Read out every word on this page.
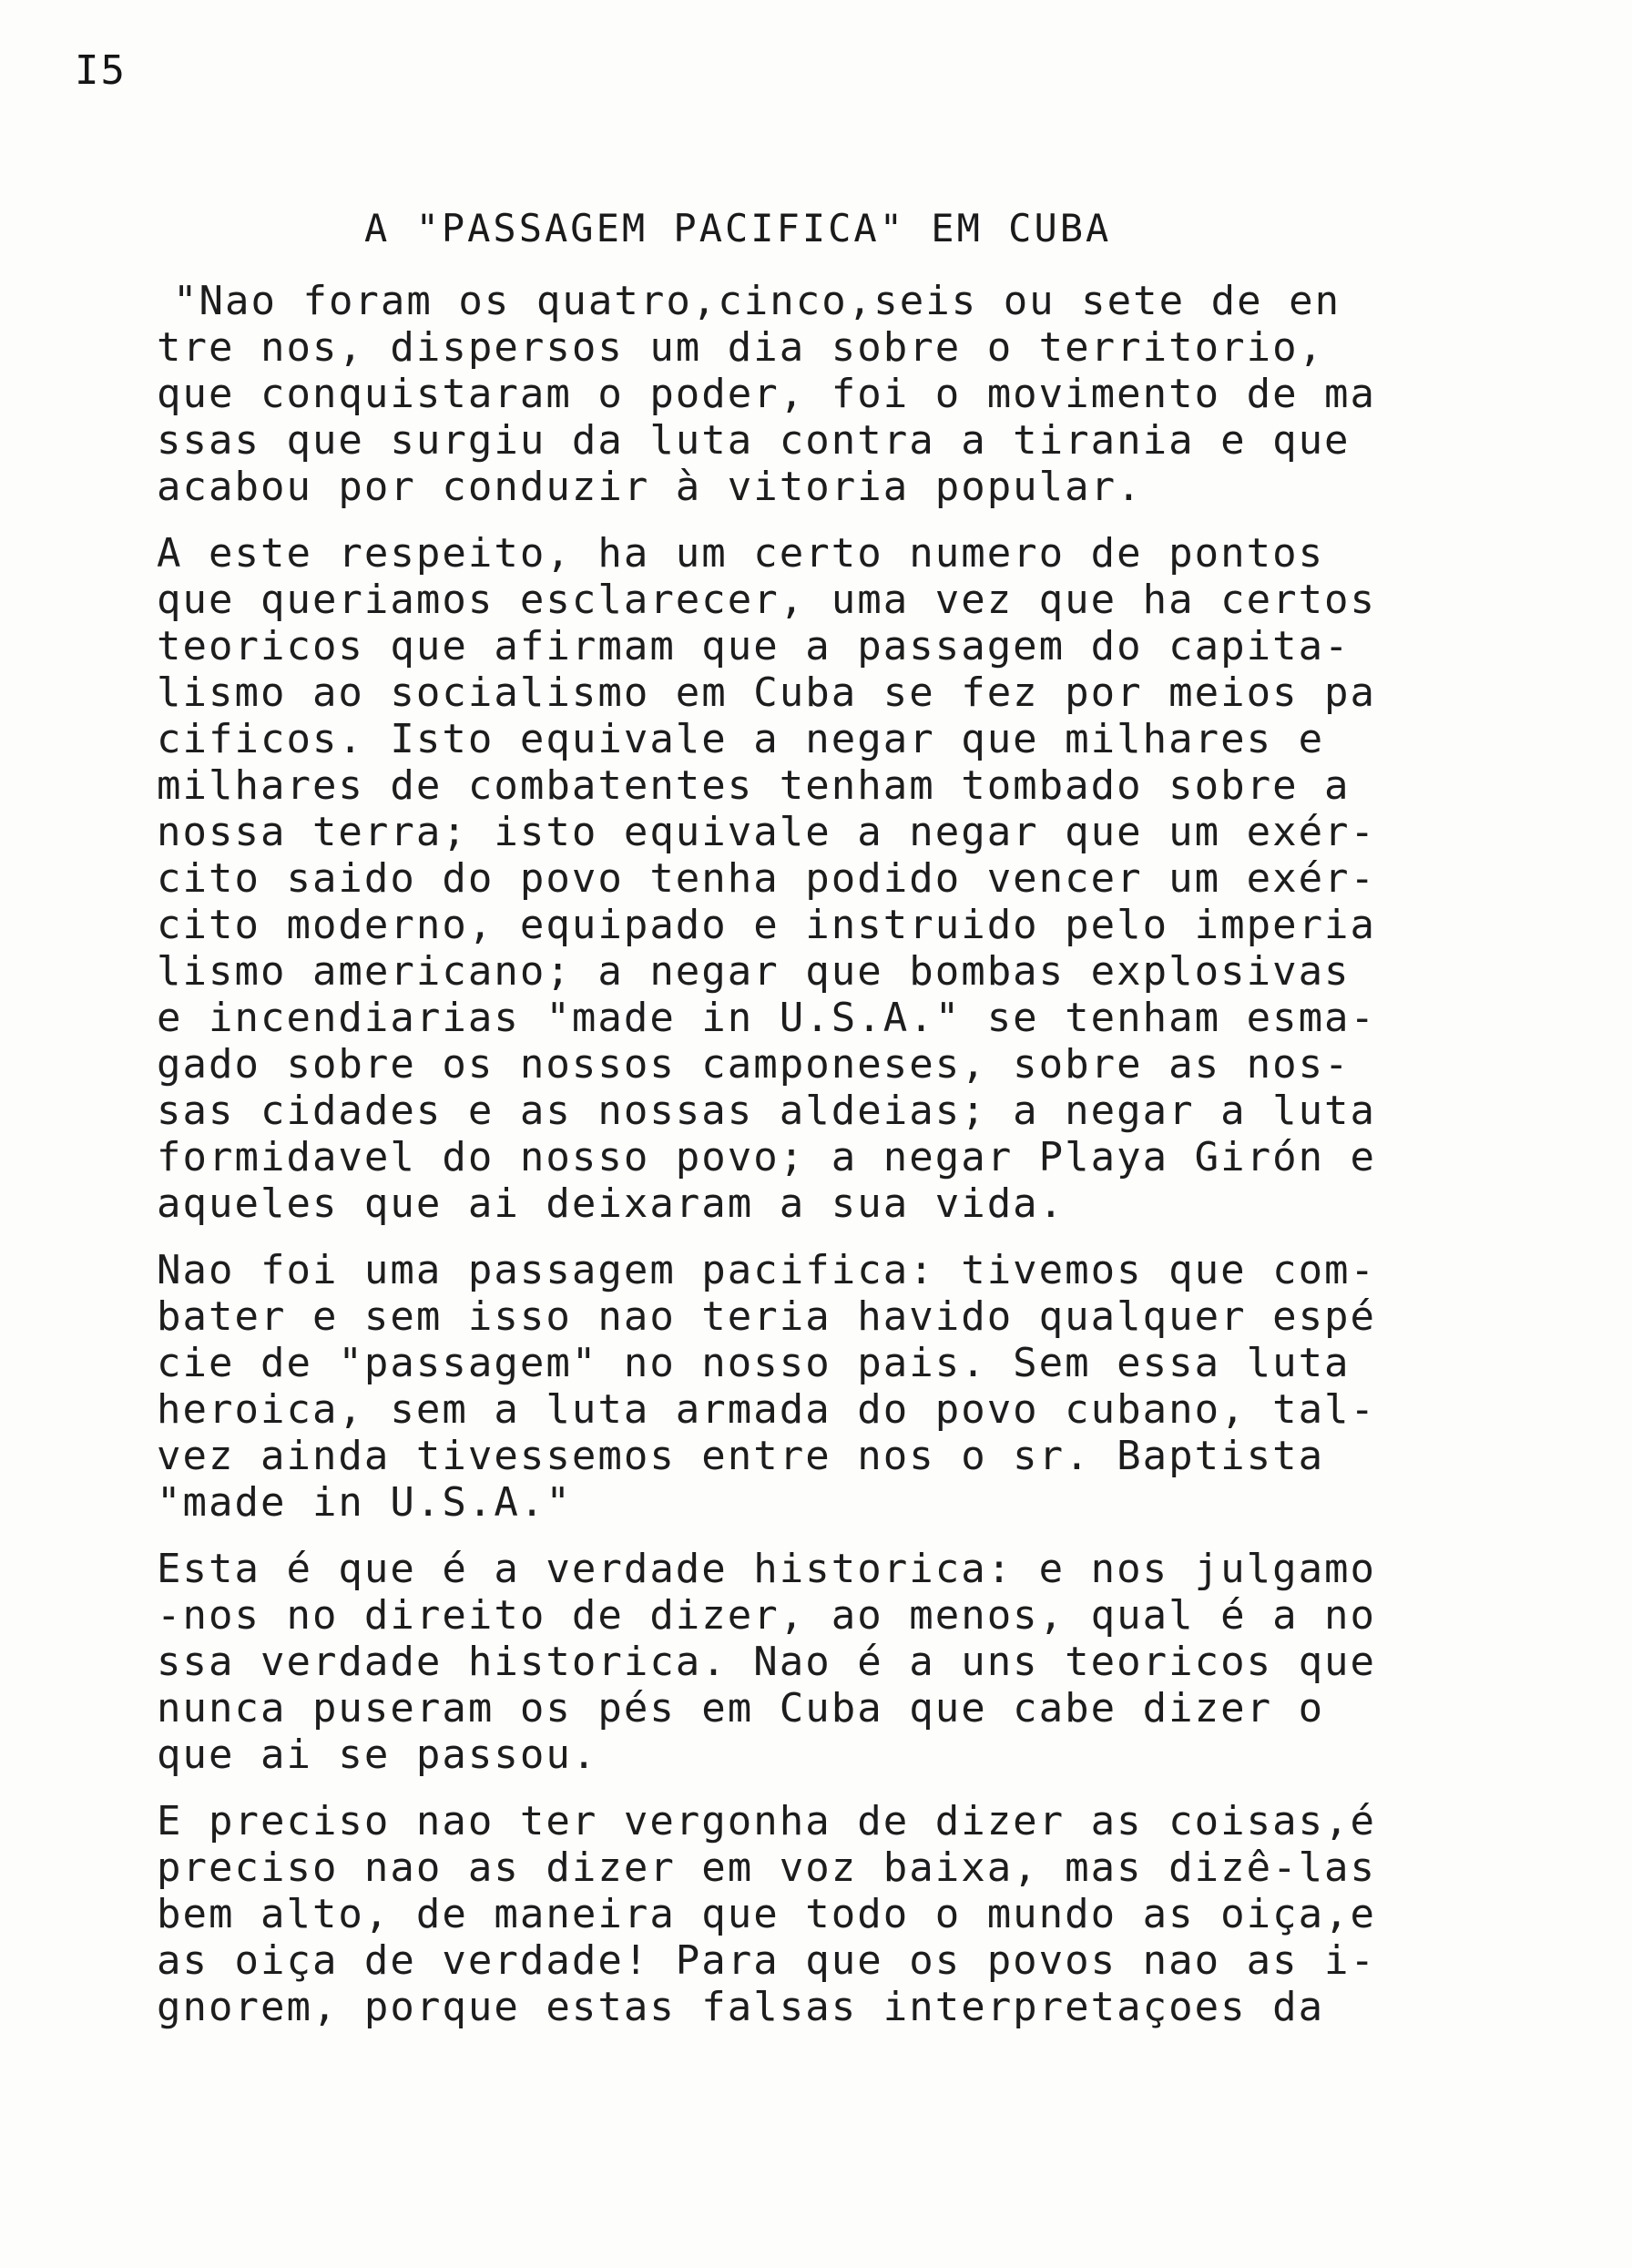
I5
A "PASSAGEM PACIFICA" EM CUBA
"Nao foram os quatro,cinco,seis ou sete de en
tre nos, dispersos um dia sobre o territorio,
que conquistaram o poder, foi o movimento de ma
ssas que surgiu da luta contra a tirania e que
acabou por conduzir à vitoria popular.
A este respeito, ha um certo numero de pontos
que queriamos esclarecer, uma vez que ha certos
teoricos que afirmam que a passagem do capita-
lismo ao socialismo em Cuba se fez por meios pa
cificos. Isto equivale a negar que milhares e
milhares de combatentes tenham tombado sobre a
nossa terra; isto equivale a negar que um exér-
cito saido do povo tenha podido vencer um exér-
cito moderno, equipado e instruido pelo imperia
lismo americano; a negar que bombas explosivas
e incendiarias "made in U.S.A." se tenham esma-
gado sobre os nossos camponeses, sobre as nos-
sas cidades e as nossas aldeias; a negar a luta
formidavel do nosso povo; a negar Playa Girón e
aqueles que ai deixaram a sua vida.
Nao foi uma passagem pacifica: tivemos que com-
bater e sem isso nao teria havido qualquer espé
cie de "passagem" no nosso pais. Sem essa luta
heroica, sem a luta armada do povo cubano, tal-
vez ainda tivessemos entre nos o sr. Baptista
"made in U.S.A."
Esta é que é a verdade historica: e nos julgamo
-nos no direito de dizer, ao menos, qual é a no
ssa verdade historica. Nao é a uns teoricos que
nunca puseram os pés em Cuba que cabe dizer o
que ai se passou.
E preciso nao ter vergonha de dizer as coisas,é
preciso nao as dizer em voz baixa, mas dizê-las
bem alto, de maneira que todo o mundo as oiça,e
as oiça de verdade! Para que os povos nao as i-
gnorem, porque estas falsas interpretaçoes da
